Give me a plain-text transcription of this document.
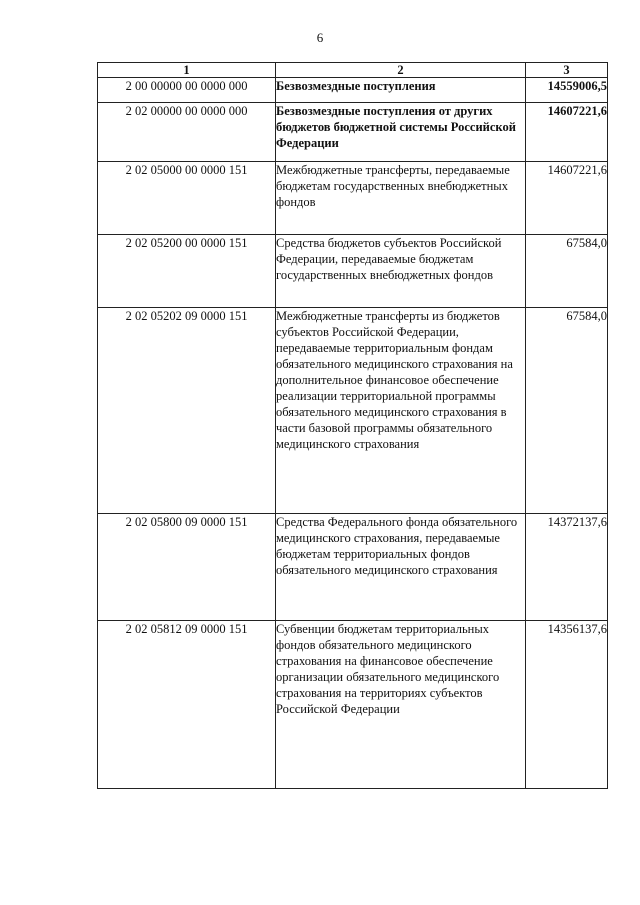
6
1	2	3
2 00 00000 00 0000 000	Безвозмездные поступления	14559006,5
2 02 00000 00 0000 000	Безвозмездные поступления от других бюджетов бюджетной системы Российской Федерации	14607221,6
2 02 05000 00 0000 151	Межбюджетные трансферты, передаваемые бюджетам государственных внебюджетных фондов	14607221,6
2 02 05200 00 0000 151	Средства бюджетов субъектов Российской Федерации, передаваемые бюджетам государственных внебюджетных фондов	67584,0
2 02 05202 09 0000 151	Межбюджетные трансферты из бюджетов субъектов Российской Федерации, передаваемые территориальным фондам обязательного медицинского страхования на дополнительное финансовое обеспечение реализации территориальной программы обязательного медицинского страхования в части базовой программы обязательного медицинского страхования	67584,0
2 02 05800 09 0000 151	Средства Федерального фонда обязательного медицинского страхования, передаваемые бюджетам территориальных фондов обязательного медицинского страхования	14372137,6
2 02 05812 09 0000 151	Субвенции бюджетам территориальных фондов обязательного медицинского страхования на финансовое обеспечение организации обязательного медицинского страхования на территориях субъектов Российской Федерации	14356137,6
